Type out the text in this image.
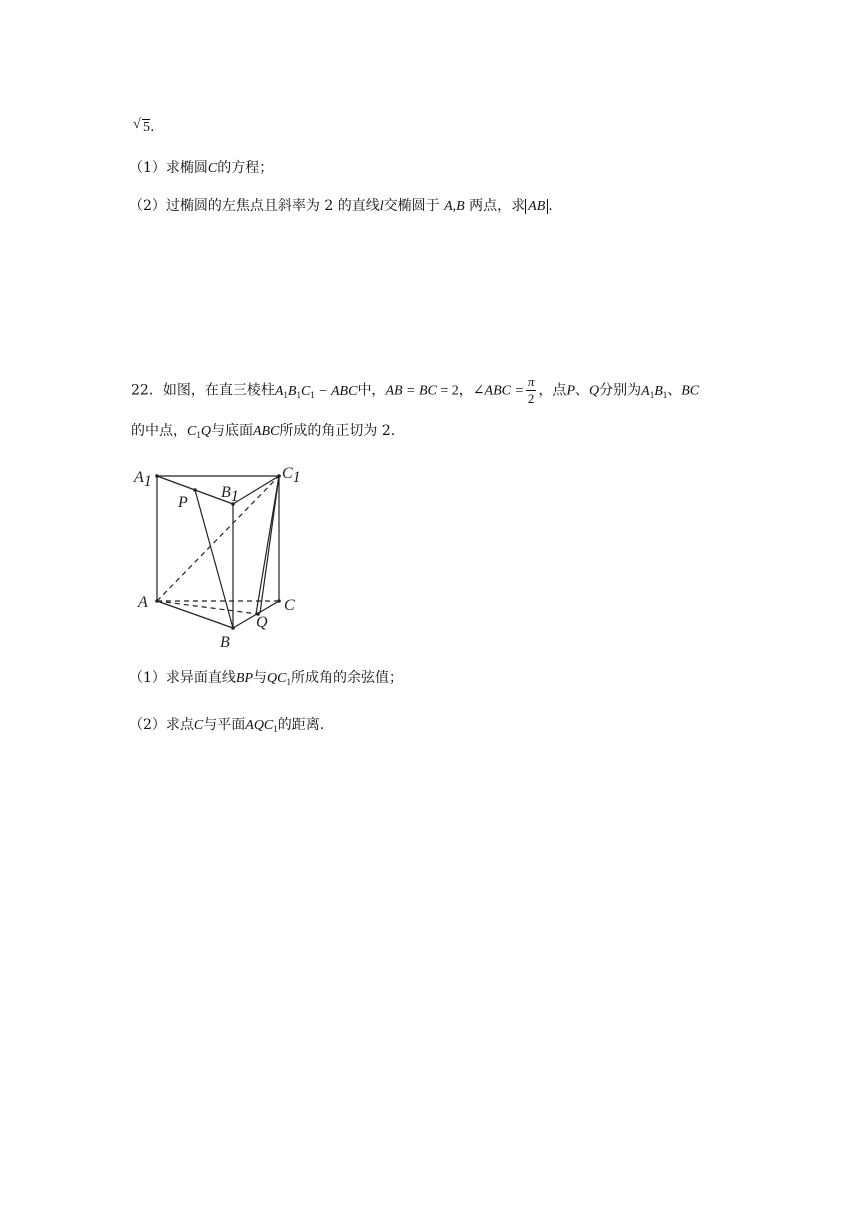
√ 5.
（1）求椭圆C的方程；
（2）过椭圆的左焦点且斜率为 2 的直线l交椭圆于 A,B 两点，求 AB .
22．如图，在直三棱柱$A_1B_1C_1$ − ABC中，AB = BC = 2，∠ABC = $\frac{\pi}{2}$ ，点P、Q分别为$A_1B_1$、BC
的中点，$C_1Q$与底面ABC所成的角正切为 2.
A1	C1
B1
P
A	C
Q
B
（1）求异面直线BP与$QC_1$所成角的余弦值；
（2）求点C与平面$AQC_1$的距离.
